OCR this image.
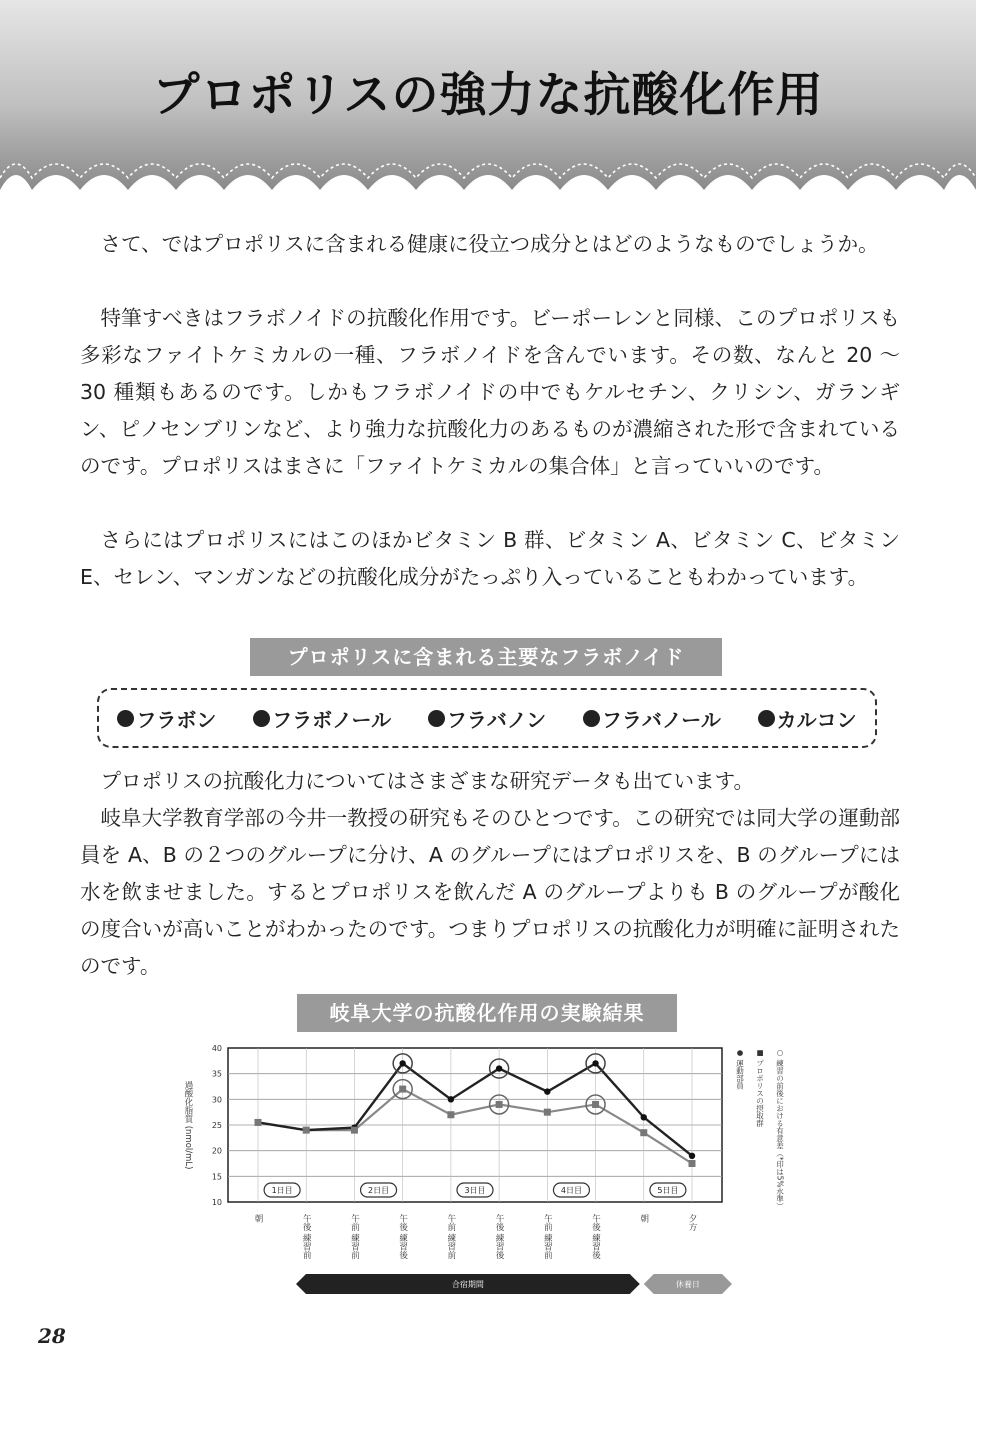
プロポリスの強力な抗酸化作用

さて、ではプロポリスに含まれる健康に役立つ成分とはどのようなものでしょうか。

特筆すべきはフラボノイドの抗酸化作用です。ビーポーレンと同様、このプロポリスも多彩なファイトケミカルの一種、フラボノイドを含んでいます。その数、なんと 20 ～ 30 種類もあるのです。しかもフラボノイドの中でもケルセチン、クリシン、ガランギン、ピノセンブリンなど、より強力な抗酸化力のあるものが濃縮された形で含まれているのです。プロポリスはまさに「ファイトケミカルの集合体」と言っていいのです。

さらにはプロポリスにはこのほかビタミン B 群、ビタミン A、ビタミン C、ビタミン E、セレン、マンガンなどの抗酸化成分がたっぷり入っていることもわかっています。

プロポリスに含まれる主要なフラボノイド
フラボン	フラボノール	フラバノン	フラバノール	カルコン

プロポリスの抗酸化力についてはさまざまな研究データも出ています。

岐阜大学教育学部の今井一教授の研究もそのひとつです。この研究では同大学の運動部員を A、B の２つのグループに分け、A のグループにはプロポリスを、B のグループには水を飲ませました。するとプロポリスを飲んだ A のグループよりも B のグループが酸化の度合いが高いことがわかったのです。つまりプロポリスの抗酸化力が明確に証明されたのです。

岐阜大学の抗酸化作用の実験結果
10
15
20
25
30
35
40
過酸化脂質 (nmol/mL)
1日目	2日目	3日目	4日目	5日目
朝	午後 練習前	午前 練習前	午後 練習後	午前 練習前	午後 練習後	午前 練習前	午後 練習後	朝	夕方
合宿期間	休養日
● 運動部員 ■ プロポリスの摂取群 ○ 練習の前後における有意差（*印は5%水準）
28
